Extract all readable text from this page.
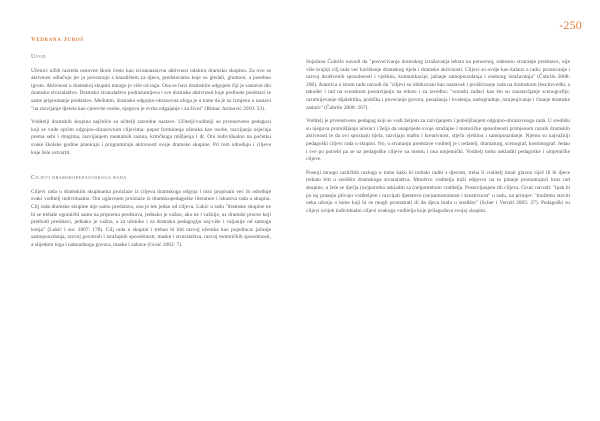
-250
Vedrana Juroš
Uvod

Učenici nižih razreda osnovne škole često kao izvannastavnu aktivnost odabiru dramsku skupinu. Za ovu se aktivnost odlučuju jer ju poveznuju s kazalištem za djecu, predstavama koje su gledali, glumom, a posebno igrom. Aktivnost u dramskoj skupini mnogo je više od toga. Ona se bavi dramskim odgojem čiji je sastavni dio dramsko stvaralaštvo. Dramsko stvaralaštvo podrazumijeva i sve dramske aktivnosti koje prethode predstavi te same pripremanje predstave. Međutim, dramsko odgojno-obrazovna uloga je u tome da je uz izmjenu u nastavi "na razvijanje djeteta kao cjelovite osobe, njegova je svrha odgajanje i za život" (Rimac Jurinović 2010: 53).

Voditelji dramskih skupina najčešće su učitelji razredne nastave. Učitelji/voditelji su prvenstveno pedagozi koji se vode općim odgojno-obrazovnim ciljevima: poput formiranja učenika kao osobe, razvijanja osjećaja prema sebi i drugima, razvijanjem mentalnih razina, kritičkoga mišljenja i dr. Oni individualno na početku svake školske godine planiraju i programiraju aktivnosti svoje dramske skupine. Pri tom određuju i ciljeve koje žele ostvariti.

Ciljevi dramskopedagoškoga rada

Ciljevi rada u dramskim skupinama proizlaze iz ciljeva dramskoga odgoja i nisu propisani već ih određuje svaki voditelj individualno. Oni uglavnom proizlaze iz dramskopedagoške literature i iskustva rada u skupini. Cilj rada dramske skupine nije samo predstava, ona je tek jedan od ciljeva. Lukić u radu "dramske skupine ne bi se trebale ograničiti samo na pripremu predstava, jednako je važno, ako ne i važnije, uz dramski proces koji prethodi predstavi, jednako je važno, a za učenike i za dramsku pedagogiju naj-više i valjanije od samoga konja" (Lukić i sur. 2007: 178). Cilj rada u skupini i trebao bi biti razvoj učenika kao pojedinca: jačanje samopouzdanja, razvoj govornih i izražajnih sposobnosti, maske i stvaralaštva, razvoj motoričkih sposobnosti, a slijedom toga i naknadnoga govora, maske i zabave (Gruić 2002: 7).

Snježana Čubrilo navodi da "posvećivanje dramskog izražavanja teksta na ponovnoj, odnosno stvaranje predstave, nije više krajnji cilj rada već korištenje dramskog tijela i dramske aktivnosti. Ciljevi su ovdje kao kalauz u radu: promicanje i razvoj društvenih sposobnosti i vještina, komunikacije, jačanje samopouzdanja i osobnog izražavanja" (Čubrilo 2008: 268). Autorica u istom radu navodi da "ciljevi su oblikovani kao nastavak i proširivanje rada na dramskom (bez)izvedbi, a također i rad na scenskom postavljanju na tekstu i za izvedbu: "scenski zadaci kao što su zaustavljanje scenografije, razumijevanje dijalektika, podrška i povećanje govora, ponašanja i hvalenja, nadogradnje, izmjenjivanje i čitanje dramske zadaće" (Čubrilo 2008: 267).

Voditelj je prvenstveno pedagog koji se vodi željom za razvijanjem i poboljšanjem odgojno-obrazovnoga rada. U središtu su njegova promišljanja učenici i želja da unaprijede svoje izražajne i motoričke sposobnosti primjenom raznih dramskih aktivnosti te da ovi spoznaju tijela, razvijaju maštu i kreativnost, stječu vještinu i samopouzdanje. Njemu su najvažniji pedagoški ciljevi rada u skupini. No, u stvaranju predstave voditelj je i redatelj, dramaturg, scenograf, kostimograf. Jedan i sve po potrebi pa se uz pedagoške ciljeve na mentu i ona umjetnički. Voditelj treba uskladiti pedagoške i umjetničke ciljeve.

Postoji mnogo različitih razloga u tome kako bi trebalo raditi s djecom, treba li voditelj imati glavnu riječ ili bi djece trebalo biti u središtu dramskoga stvaralaštva. Mnoštvo voditelja traži odgovor na to pitanje promatrajući kroz rad skupine, a žele se dječja (ne)potreba uskladiti sa (ne)potrebom voditelja. Postavljanjem tih ciljeva. Gruić navodi: "ipak bi po toj putanju plivaju voditeljem i razvijati djetetovu (ne)samostalnost i kreativnost" u radu, na primjer: "možemo staviti neka učenja o tome koji bi se mogli promatrati ili da djeca budu u središtu" (Scher i Verrall 2005: 27). Pedagoški su ciljevi uvijek individualni ciljevi svakoga voditelja koje prilagođava svojoj skupini.
